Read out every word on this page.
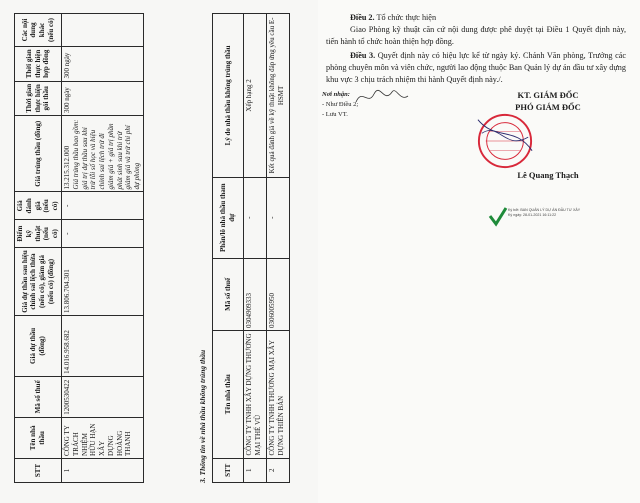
STT	Tên nhà thầu	Mã số thuế	Giá dự thầu (đồng)	Giá dự thầu sau hiệu chỉnh sai lệch thừa (nếu có), giảm giá (nếu có) (đồng)	Điểm kỹ thuật (nếu có)	Giá đánh giá (nếu có)	Giá trúng thầu (đồng)	Thời gian thực hiện gói thầu	Thời gian thực hiện hợp đồng	Các nội dung khác (nếu có)
1	CÔNG TY TRÁCH NHIỆM HỮU HẠN XÂY DỰNG HOÀNG THANH	1200530422	14.016.958.682	13.806.704.301	-	-	13.215.312.000 Giá trúng thầu bao gồm: giá trị dự thầu sau khi trừ lỗi số học và hiệu chính sai lệch trừ đi giảm giá + giá trị phần phát sinh sau khi trừ giảm giá và trừ chi phí dự phòng	300 ngày	300 ngày	
3. Thông tin về nhà thầu không trúng thầu STT	Tên nhà thầu	Mã số thuế	Phần/lô nhà thầu tham dự	Lý do nhà thầu không trúng thầu
1	CÔNG TY TNHH XÂY DỰNG THƯƠNG MẠI THẾ VŨ	0304909333	-	Xếp hạng 2
2	CÔNG TY TNHH THƯƠNG MẠI XÂY DỰNG THIÊN BẢN	0306005950	-	Kết quả đánh giá về kỹ thuật không đáp ứng yêu cầu E-HSMT

Điều 2. Tổ chức thực hiện

Giao Phòng kỹ thuật căn cứ nội dung được phê duyệt tại Điều 1 Quyết định này, tiến hành tổ chức hoàn thiện hợp đồng.

Điều 3. Quyết định này có hiệu lực kể từ ngày ký. Chánh Văn phòng, Trưởng các phòng chuyên môn và viên chức, người lao động thuộc Ban Quản lý dự án đầu tư xây dựng khu vực 3 chịu trách nhiệm thi hành Quyết định này./.

Nơi nhận:
- Như Điều 2;
- Lưu VT.
KT. GIÁM ĐỐC
PHÓ GIÁM ĐỐC
Lê Quang Thạch
Ký bởi: BAN QUẢN LÝ DỰ ÁN ĐẦU TƯ XÂY
Ký ngày: 28-01-2021 16:11:22
